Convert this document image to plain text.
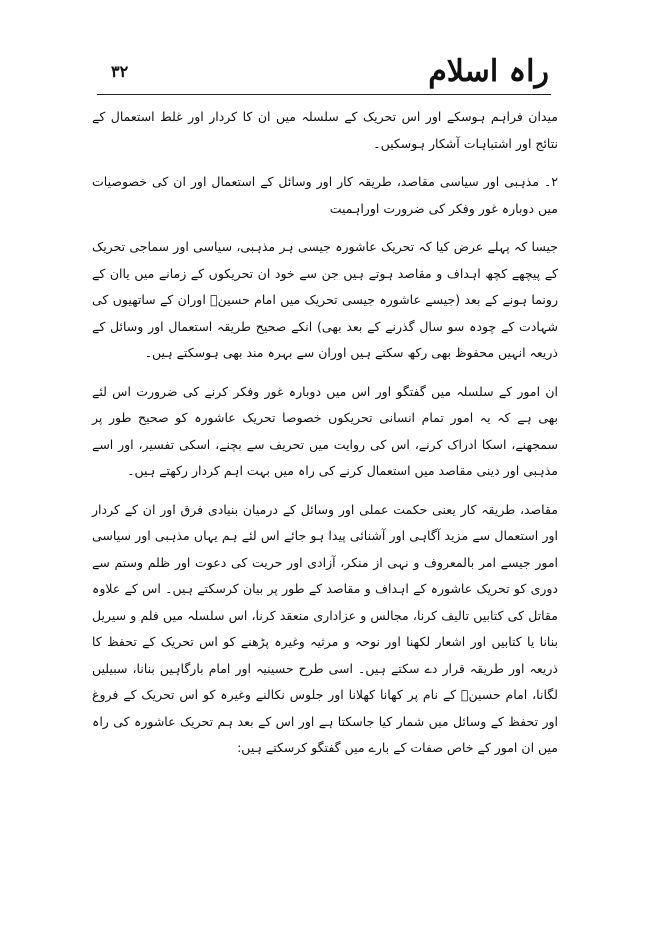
راہ اسلام
۳۲

میدان فراہم ہوسکے اور اس تحریک کے سلسلہ میں ان کا کردار اور غلط استعمال کے نتائج اور اشتباہات آشکار ہوسکیں۔

۲۔ مذہبی اور سیاسی مقاصد، طریقہ کار اور وسائل کے استعمال اور ان کی خصوصیات میں دوبارہ غور وفکر کی ضرورت اوراہمیت

جیسا کہ پہلے عرض کیا کہ تحریک عاشورہ جیسی ہر مذہبی، سیاسی اور سماجی تحریک کے پیچھے کچھ اہداف و مقاصد ہوتے ہیں جن سے خود ان تحریکوں کے زمانے میں یاان کے رونما ہونے کے بعد (جیسے عاشورہ جیسی تحریک میں امام حسینؑ اوران کے ساتھیوں کی شہادت کے چودہ سو سال گذرنے کے بعد بھی) انکے صحیح طریقہ استعمال اور وسائل کے ذریعہ انہیں محفوظ بھی رکھ سکتے ہیں اوران سے بہرہ مند بھی ہوسکتے ہیں۔

ان امور کے سلسلہ میں گفتگو اور اس میں دوبارہ غور وفکر کرنے کی ضرورت اس لئے بھی ہے کہ یہ امور تمام انسانی تحریکوں خصوصا تحریک عاشورہ کو صحیح طور پر سمجھنے، اسکا ادراک کرنے، اس کی روایت میں تحریف سے بچنے، اسکی تفسیر، اور اسے مذہبی اور دینی مقاصد میں استعمال کرنے کی راہ میں بہت اہم کردار رکھتے ہیں۔

مقاصد، طریقہ کار یعنی حکمت عملی اور وسائل کے درمیان بنیادی فرق اور ان کے کردار اور استعمال سے مزید آگاہی اور آشنائی پیدا ہو جائے اس لئے ہم یہاں مذہبی اور سیاسی امور جیسے امر بالمعروف و نہی از منکر، آزادی اور حریت کی دعوت اور ظلم وستم سے دوری کو تحریک عاشورہ کے اہداف و مقاصد کے طور پر بیان کرسکتے ہیں۔ اس کے علاوہ مقاتل کی کتابیں تالیف کرنا، مجالس و عزاداری منعقد کرنا، اس سلسلہ میں فلم و سیریل بنانا یا کتابیں اور اشعار لکھنا اور نوحہ و مرثیہ وغیرہ پڑھنے کو اس تحریک کے تحفظ کا ذریعہ اور طریقہ قرار دے سکتے ہیں۔ اسی طرح حسینیہ اور امام بارگاہیں بنانا، سبیلیں لگانا، امام حسینؑ کے نام پر کھانا کھلانا اور جلوس نکالنے وغیرہ کو اس تحریک کے فروغ اور تحفظ کے وسائل میں شمار کیا جاسکتا ہے اور اس کے بعد ہم تحریک عاشورہ کی راہ میں ان امور کے خاص صفات کے بارے میں گفتگو کرسکتے ہیں:
